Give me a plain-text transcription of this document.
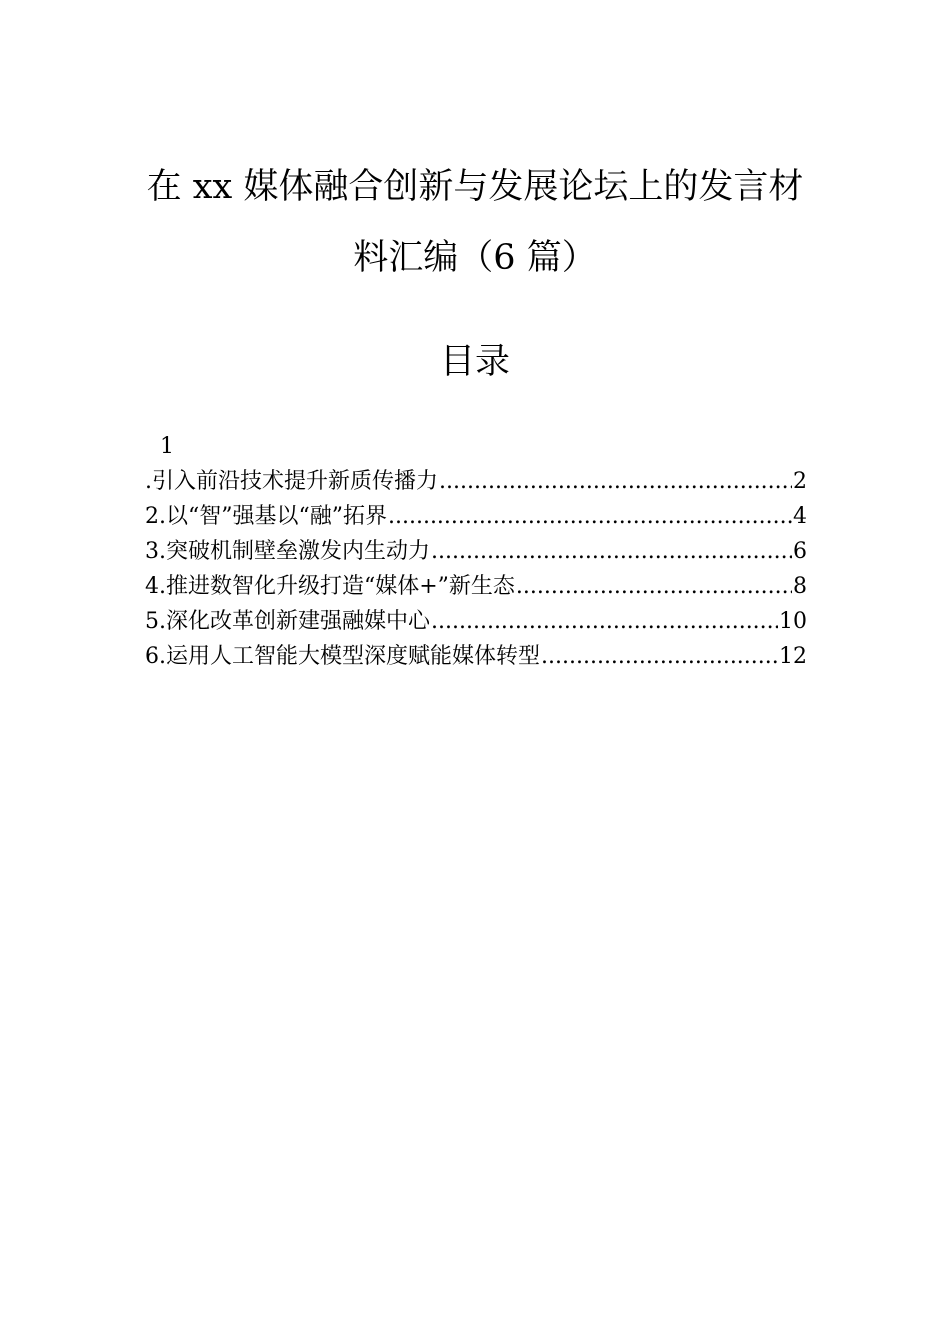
在 xx 媒体融合创新与发展论坛上的发言材
料汇编（6 篇）
目录
1
.引入前沿技术提升新质传播力 .....	2
2.以“智”强基以“融”拓界 .....	4
3.突破机制壁垒激发内生动力 .....	6
4.推进数智化升级打造“媒体+”新生态 .....	8
5.深化改革创新建强融媒中心 .....	10
6.运用人工智能大模型深度赋能媒体转型 .....	12
